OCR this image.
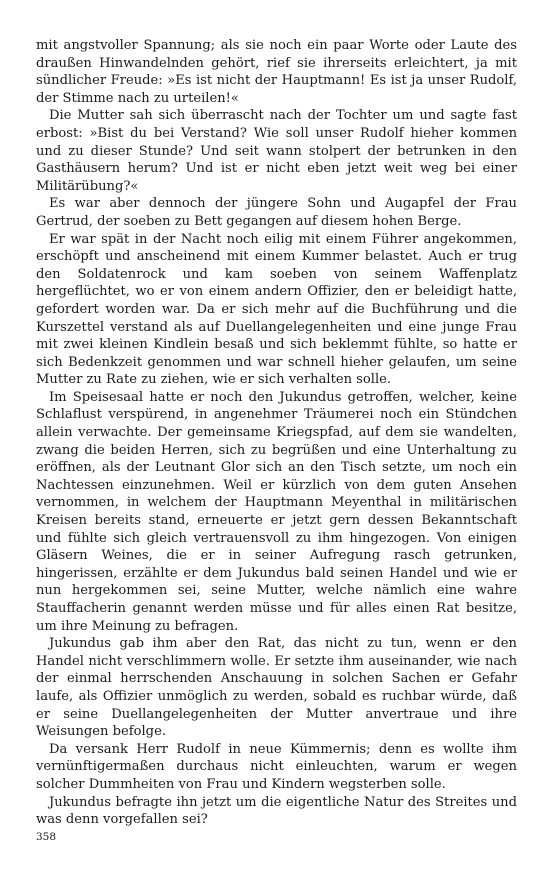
mit angstvoller Spannung; als sie noch ein paar Worte oder Laute des draußen Hinwandelnden gehört, rief sie ihrerseits erleichtert, ja mit sündlicher Freude: »Es ist nicht der Hauptmann! Es ist ja unser Rudolf, der Stimme nach zu urteilen!«

Die Mutter sah sich überrascht nach der Tochter um und sagte fast erbost: »Bist du bei Verstand? Wie soll unser Rudolf hieher kommen und zu dieser Stunde? Und seit wann stolpert der betrunken in den Gasthäusern herum? Und ist er nicht eben jetzt weit weg bei einer Militärübung?«

Es war aber dennoch der jüngere Sohn und Augapfel der Frau Gertrud, der soeben zu Bett gegangen auf diesem hohen Berge.

Er war spät in der Nacht noch eilig mit einem Führer angekommen, erschöpft und anscheinend mit einem Kummer belastet. Auch er trug den Soldatenrock und kam soeben von seinem Waffenplatz hergeflüchtet, wo er von einem andern Offizier, den er beleidigt hatte, gefordert worden war. Da er sich mehr auf die Buchführung und die Kurszettel verstand als auf Duellangelegenheiten und eine junge Frau mit zwei kleinen Kindlein besaß und sich beklemmt fühlte, so hatte er sich Bedenkzeit genommen und war schnell hieher gelaufen, um seine Mutter zu Rate zu ziehen, wie er sich verhalten solle.

Im Speisesaal hatte er noch den Jukundus getroffen, welcher, keine Schlaflust verspürend, in angenehmer Träumerei noch ein Stündchen allein verwachte. Der gemeinsame Kriegspfad, auf dem sie wandelten, zwang die beiden Herren, sich zu begrüßen und eine Unterhaltung zu eröffnen, als der Leutnant Glor sich an den Tisch setzte, um noch ein Nachtessen einzunehmen. Weil er kürzlich von dem guten Ansehen vernommen, in welchem der Hauptmann Meyenthal in militärischen Kreisen bereits stand, erneuerte er jetzt gern dessen Bekanntschaft und fühlte sich gleich vertrauensvoll zu ihm hingezogen. Von einigen Gläsern Weines, die er in seiner Aufregung rasch getrunken, hingerissen, erzählte er dem Jukundus bald seinen Handel und wie er nun hergekommen sei, seine Mutter, welche nämlich eine wahre Stauffacherin genannt werden müsse und für alles einen Rat besitze, um ihre Meinung zu befragen.

Jukundus gab ihm aber den Rat, das nicht zu tun, wenn er den Handel nicht verschlimmern wolle. Er setzte ihm auseinander, wie nach der einmal herrschenden Anschauung in solchen Sachen er Gefahr laufe, als Offizier unmöglich zu werden, sobald es ruchbar würde, daß er seine Duellangelegenheiten der Mutter anvertraue und ihre Weisungen befolge.

Da versank Herr Rudolf in neue Kümmernis; denn es wollte ihm vernünftigermaßen durchaus nicht einleuchten, warum er wegen solcher Dummheiten von Frau und Kindern wegsterben solle.

Jukundus befragte ihn jetzt um die eigentliche Natur des Streites und was denn vorgefallen sei?

358
